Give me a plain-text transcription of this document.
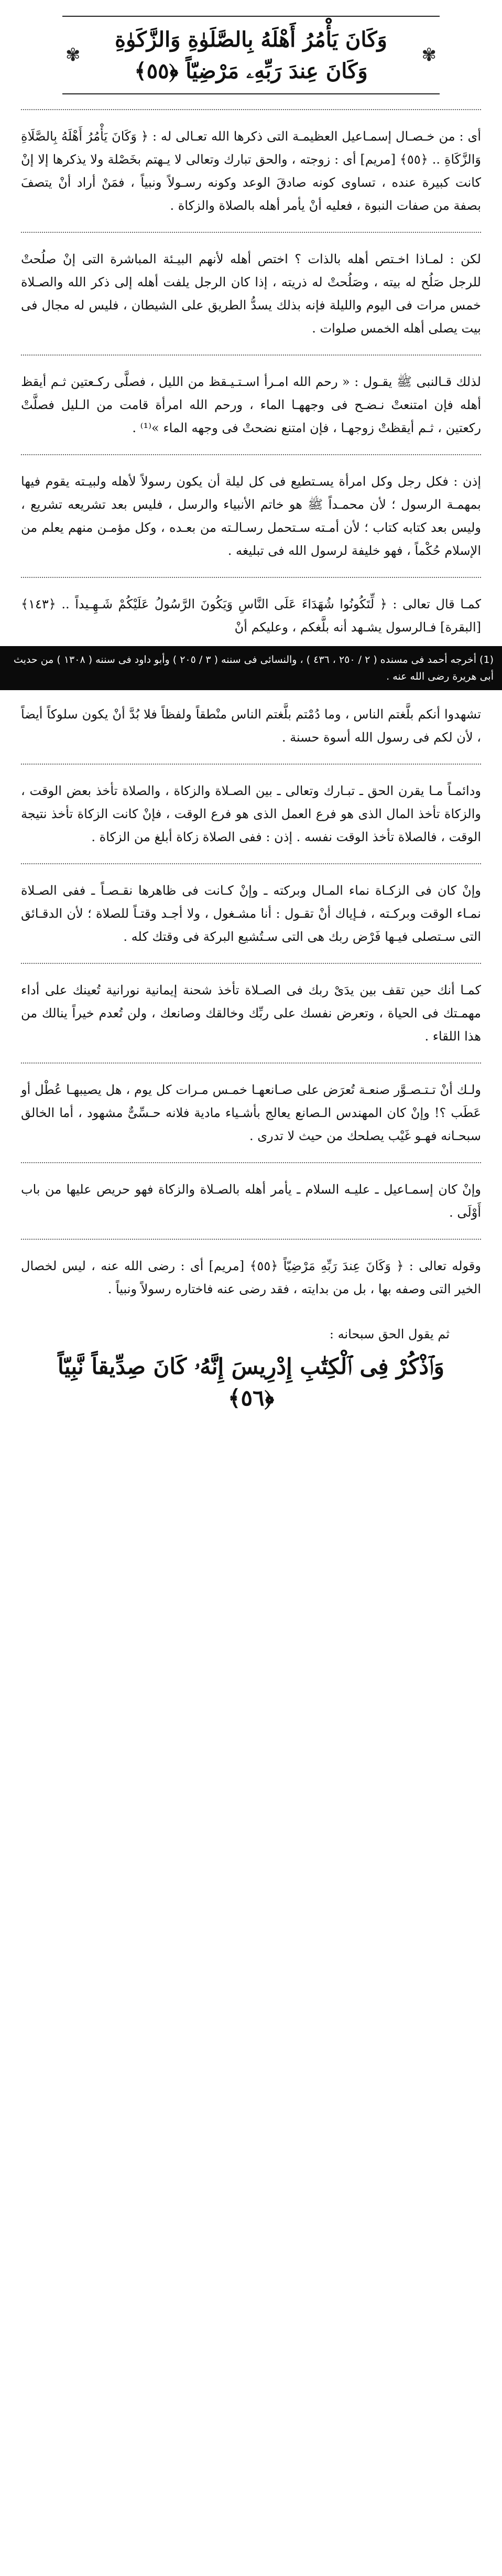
✾
✾
وَكَانَ يَأْمُرُ أَهْلَهُ بِالصَّلَوٰةِ وَالزَّكَوٰةِ
وَكَانَ عِندَ رَبِّهِۦ مَرْضِيّاً ﴿٥٥﴾

أى : من خـصـال إسمـاعيل العظيمـة التى ذكرها الله تعـالى له : ﴿ وَكَانَ يَأْمُرُ أَهْلَهُ بِالصَّلَاةِ وَالزَّكَاةِ .. ﴿٥٥﴾ [مريم] أى : زوجته ، والحق تبارك وتعالى لا يـهتم بخَصْلة ولا يذكرها إلا إنْ كانت كبيرة عنده ، تساوى كونه صادقَ الوعد وكونه رسـولاً ونبياً ، فمَنْ أراد أنْ يتصفَ بصفة من صفات النبوة ، فعليه أنْ يأمر أهله بالصلاة والزكاة .

لكن : لمـاذا اخـتص أهله بالذات ؟ اختص أهله لأنهم البيـئة المباشرة التى إنْ صلُحتْ للرجل صَلُح له بيته ، وصَلُحتْ له ذريته ، إذا كان الرجل يلفت أهله إلى ذكر الله والصـلاة خمس مرات فى اليوم والليلة فإنه بذلك يسدُّ الطريق على الشيطان ، فليس له مجال فى بيت يصلى أهله الخمس صلوات .

لذلك قـالنبى ﷺ يقـول : « رحم الله امـرأ اسـتـيـقظ من الليل ، فصلَّى ركـعتين ثـم أيقظ أهله فإن امتنعتْ نـضـح فى وجههـا الماء ، ورحم الله امرأة قامت من الـليل فصلَّتْ ركعتين ، ثـم أيقظتْ زوجهـا ، فإن امتنع نضحتْ فى وجهه الماء »⁽¹⁾ .

إذن : فكل رجل وكل امرأة يسـتطيع فى كل ليلة أن يكون رسولاً لأهله ولبيـته يقوم فيها بمهمـة الرسول ؛ لأن محمـداً ﷺ هو خاتم الأنبياء والرسل ، فليس بعد تشريعه تشريع ، وليس بعد كتابه كتاب ؛ لأن أمـته سـتحمل رسـالـته من بعـده ، وكل مؤمـن منهم يعلم من الإسلام حُكْماً ، فهو خليفة لرسول الله فى تبليغه .

كمـا قال تعالى : ﴿ لِّتَكُونُوا شُهَدَاءَ عَلَى النَّاسِ وَيَكُونَ الرَّسُولُ عَلَيْكُمْ شَـهِـيداً .. ﴿١٤٣﴾ [البقرة] فـالرسول يشـهد أنه بلَّغكم ، وعليكم أنْ

(1) أخرجه أحمد فى مسنده ( ٢ / ٢٥٠ ، ٤٣٦ ) ، والنسائى فى سننه ( ٣ / ٢٠٥ ) وأبو داود فى سننه ( ١٣٠٨ ) من حديث أبى هريرة رضى الله عنه .

تشهدوا أنكم بلَّغتم الناس ، وما دُمْتم بلَّغتم الناس منْطقاً ولفظاً فلا بُدَّ أنْ يكون سلوكاً أيضاً ، لأن لكم فى رسول الله أسوة حسنة .

ودائمـاً مـا يقرن الحق ـ تبـارك وتعالى ـ بين الصـلاة والزكاة ، والصلاة تأخذ بعض الوقت ، والزكاة تأخذ المال الذى هو فرع العمل الذى هو فرع الوقت ، فإنْ كانت الزكاة تأخذ نتيجة الوقت ، فالصلاة تأخذ الوقت نفسه . إذن : ففى الصلاة زكاة أبلغ من الزكاة .

وإنْ كان فى الزكـاة نماء المـال وبركته ـ وإنْ كـانت فى ظاهرها نقـصـاً ـ ففى الصـلاة نمـاء الوقت وبركـته ، فـإياك أنْ تقـول : أنا مشـغول ، ولا أجـد وقتـاً للصلاة ؛ لأن الدقـائق التى سـتصلى فيـها فَرْض ربك هى التى سـتُشيع البركة فى وقتك كله .

كمـا أنك حين تقف بين يدَىْ ربك فى الصـلاة تأخذ شحنة إيمانية نورانية تُعينك على أداء مهمـتك فى الحياة ، وتعرض نفسك على ربِّك وخالقك وصانعك ، ولن تُعدم خيراً ينالك من هذا اللقاء .

ولـك أنْ تـتـصـوَّر صنعـة تُعرَض على صـانعهـا خمـس مـرات كل يوم ، هل يصيبهـا عُطْل أو عَطَب ؟! وإنْ كان المهندس الـصانع يعالج بأشـياء مادية فلانه حـسِّىٌّ مشهود ، أما الخالق سبحـانه فهـو غَيْب يصلحك من حيث لا تدرى .

وإنْ كان إسمـاعيل ـ عليـه السلام ـ يأمر أهله بالصـلاة والزكاة فهو حريص عليها من باب أَوْلَى .

وقوله تعالى : ﴿ وَكَانَ عِندَ رَبِّهِ مَرْضِيّاً ﴿٥٥﴾ [مريم] أى : رضى الله عنه ، ليس لخصال الخير التى وصفه بها ، بل من بدايته ، فقد رضى عنه فاختاره رسولاً ونبياً .

ثم يقول الحق سبحانه :
وَٱذْكُرْ فِى ٱلْكِتَٰبِ إِدْرِيسَ إِنَّهُۥ كَانَ صِدِّيقاً نَّبِيّاً ﴿٥٦﴾
